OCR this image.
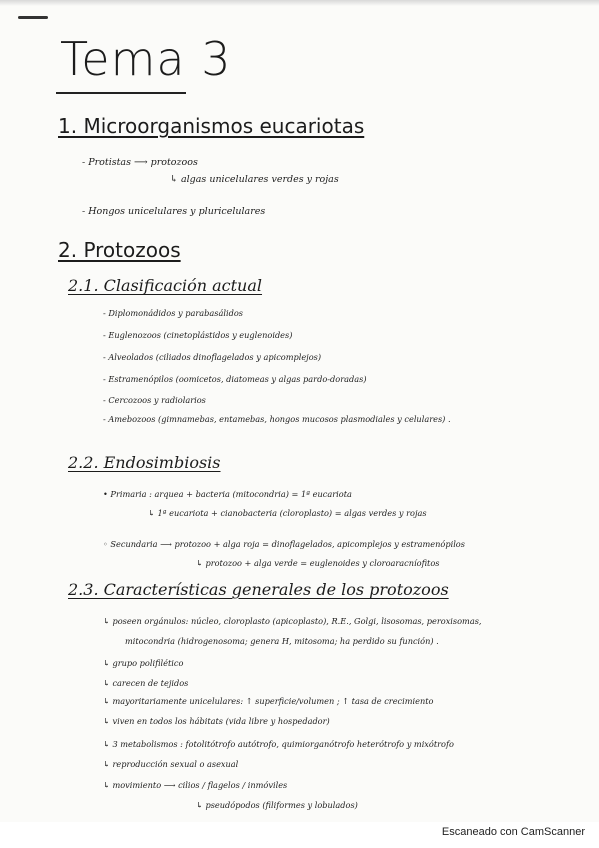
Tema 3
1. Microorganismos eucariotas
- Protistas ⟶ protozoos
↳ algas unicelulares verdes y rojas
- Hongos unicelulares y pluricelulares
2. Protozoos
2.1. Clasificación actual
- Diplomonádidos y parabasálidos
- Euglenozoos (cinetoplástidos y euglenoides)
- Alveolados (ciliados dinoflagelados y apicomplejos)
- Estramenópilos (oomicetos, diatomeas y algas pardo-doradas)
- Cercozoos y radiolarios
- Amebozoos (gimnamebas, entamebas, hongos mucosos plasmodiales y celulares) .
2.2. Endosimbiosis
• Primaria : arquea + bacteria (mitocondria) = 1ª eucariota
↳ 1ª eucariota + cianobacteria (cloroplasto) = algas verdes y rojas
◦ Secundaria ⟶ protozoo + alga roja = dinoflagelados, apicomplejos y estramenópilos
↳ protozoo + alga verde = euglenoides y cloroaracníofitos
2.3. Características generales de los protozoos
↳ poseen orgánulos: núcleo, cloroplasto (apicoplasto), R.E., Golgi, lisosomas, peroxisomas,
mitocondria (hidrogenosoma; genera H, mitosoma; ha perdido su función) .
↳ grupo polifilético
↳ carecen de tejidos
↳ mayoritariamente unicelulares: ↑ superficie/volumen ; ↑ tasa de crecimiento
↳ viven en todos los hábitats (vida libre y hospedador)
↳ 3 metabolismos : fotolitótrofo autótrofo, quimiorganótrofo heterótrofo y mixótrofo
↳ reproducción sexual o asexual
↳ movimiento ⟶ cilios / flagelos / inmóviles
↳ pseudópodos (filiformes y lobulados)
Escaneado con CamScanner
